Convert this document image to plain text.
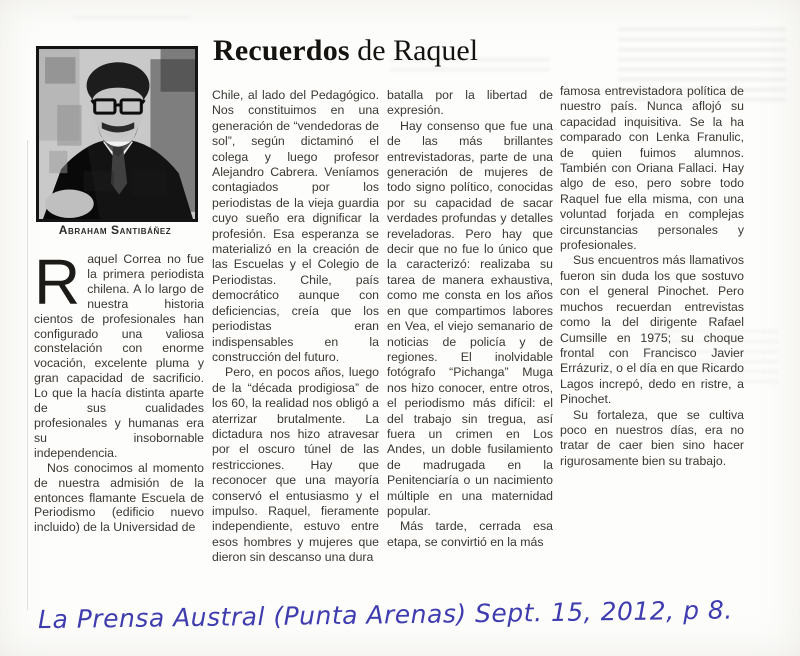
Abraham Santibáñez
Recuerdos de Raquel

Raquel Correa no fue la primera periodista chilena. A lo largo de nuestra historia cientos de profesionales han configurado una valiosa constelación con enorme vocación, excelente pluma y gran capacidad de sacrificio. Lo que la hacía distinta aparte de sus cualidades profesionales y humanas era su insobornable independencia.

Nos conocimos al momento de nuestra admisión de la entonces flamante Escuela de Periodismo (edificio nuevo incluido) de la Universidad de

Chile, al lado del Pedagógico. Nos constituimos en una generación de “vendedoras de sol”, según dictaminó el colega y luego profesor Alejandro Cabrera. Veníamos contagiados por los periodistas de la vieja guardia cuyo sueño era dignificar la profesión. Esa esperanza se materializó en la creación de las Escuelas y el Colegio de Periodistas. Chile, país democrático aunque con deficiencias, creía que los periodistas eran indispensables en la construcción del futuro.

Pero, en pocos años, luego de la “década prodigiosa” de los 60, la realidad nos obligó a aterrizar brutalmente. La dictadura nos hizo atravesar por el oscuro túnel de las restricciones. Hay que reconocer que una mayoría conservó el entusiasmo y el impulso. Raquel, fieramente independiente, estuvo entre esos hombres y mujeres que dieron sin descanso una dura

batalla por la libertad de expresión.

Hay consenso que fue una de las más brillantes entrevistadoras, parte de una generación de mujeres de todo signo político, conocidas por su capacidad de sacar verdades profundas y detalles reveladoras. Pero hay que decir que no fue lo único que la caracterizó: realizaba su tarea de manera exhaustiva, como me consta en los años en que compartimos labores en Vea, el viejo semanario de noticias de policía y de regiones. El inolvidable fotógrafo “Pichanga” Muga nos hizo conocer, entre otros, el periodismo más difícil: el del trabajo sin tregua, así fuera un crimen en Los Andes, un doble fusilamiento de madrugada en la Penitenciaría o un nacimiento múltiple en una maternidad popular.

Más tarde, cerrada esa etapa, se convirtió en la más

famosa entrevistadora política de nuestro país. Nunca aflojó su capacidad inquisitiva. Se la ha comparado con Lenka Franulic, de quien fuimos alumnos. También con Oriana Fallaci. Hay algo de eso, pero sobre todo Raquel fue ella misma, con una voluntad forjada en complejas circunstancias personales y profesionales.

Sus encuentros más llamativos fueron sin duda los que sostuvo con el general Pinochet. Pero muchos recuerdan entrevistas como la del dirigente Rafael Cumsille en 1975; su choque frontal con Francisco Javier Errázuriz, o el día en que Ricardo Lagos increpó, dedo en ristre, a Pinochet.

Su fortaleza, que se cultiva poco en nuestros días, era no tratar de caer bien sino hacer rigurosamente bien su trabajo.

La Prensa Austral (Punta Arenas) Sept. 15, 2012, p 8.
